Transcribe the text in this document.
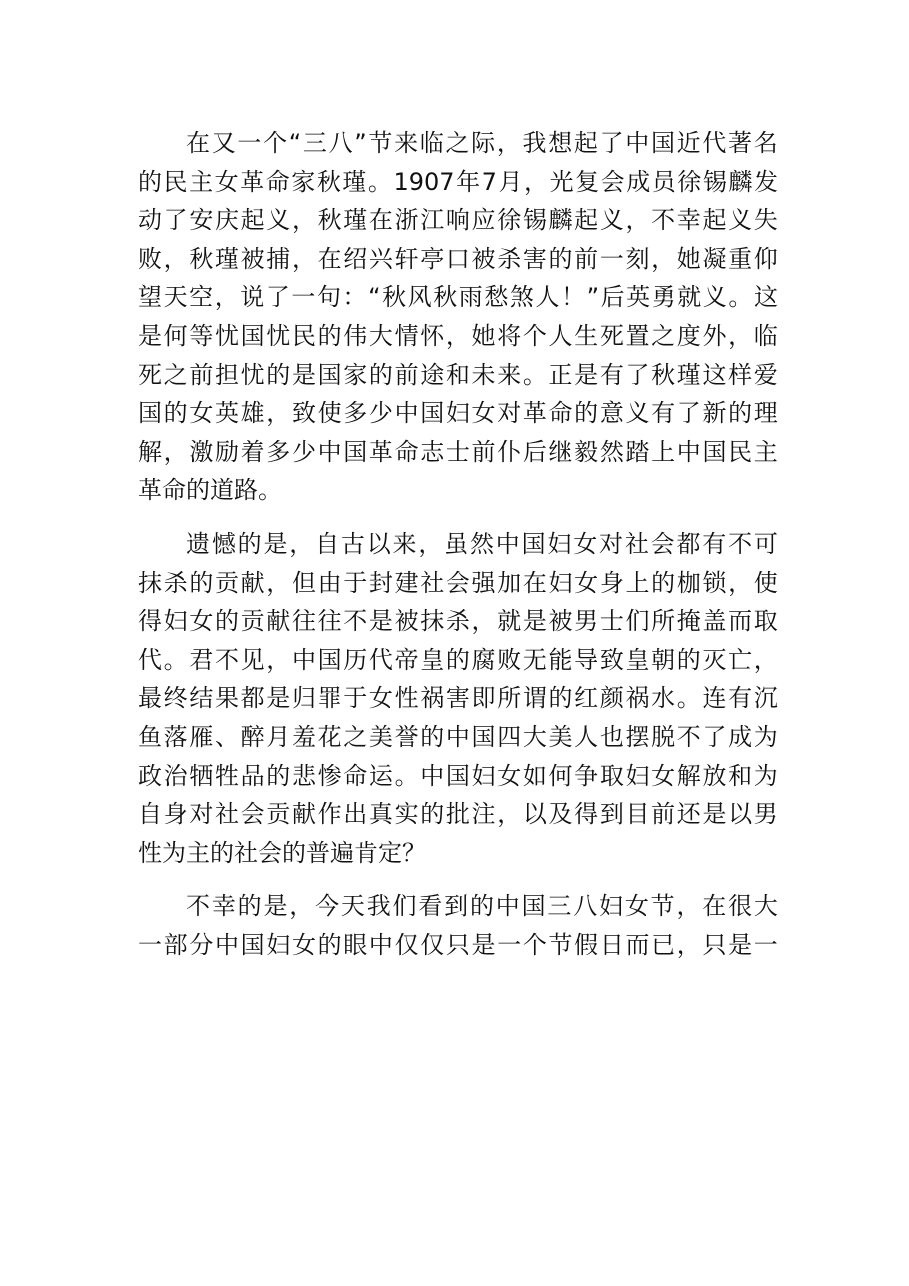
在 又 一 个 “ 三 八 ” 节 来 临 之 际 ， 我 想 起 了 中 国 近 代 著 名
的 民 主 女 革 命 家 秋 瑾 。 1907 年 7 月 ， 光 复 会 成 员 徐 锡 麟 发
动 了 安 庆 起 义 ， 秋 瑾 在 浙 江 响 应 徐 锡 麟 起 义 ， 不 幸 起 义 失
败 ， 秋 瑾 被 捕 ， 在 绍 兴 轩 亭 口 被 杀 害 的 前 一 刻 ， 她 凝 重 仰
望 天 空 ， 说 了 一 句 ： “ 秋 风 秋 雨 愁 煞 人 ！ ” 后 英 勇 就 义 。 这
是 何 等 忧 国 忧 民 的 伟 大 情 怀 ， 她 将 个 人 生 死 置 之 度 外 ， 临
死 之 前 担 忧 的 是 国 家 的 前 途 和 未 来 。 正 是 有 了 秋 瑾 这 样 爱
国 的 女 英 雄 ， 致 使 多 少 中 国 妇 女 对 革 命 的 意 义 有 了 新 的 理
解 ， 激 励 着 多 少 中 国 革 命 志 士 前 仆 后 继 毅 然 踏 上 中 国 民 主
革命的道路。
遗 憾 的 是 ， 自 古 以 来 ， 虽 然 中 国 妇 女 对 社 会 都 有 不 可
抹 杀 的 贡 献 ， 但 由 于 封 建 社 会 强 加 在 妇 女 身 上 的 枷 锁 ， 使
得 妇 女 的 贡 献 往 往 不 是 被 抹 杀 ， 就 是 被 男 士 们 所 掩 盖 而 取
代 。 君 不 见 ， 中 国 历 代 帝 皇 的 腐 败 无 能 导 致 皇 朝 的 灭 亡 ，
最 终 结 果 都 是 归 罪 于 女 性 祸 害 即 所 谓 的 红 颜 祸 水 。 连 有 沉
鱼 落 雁 、 醉 月 羞 花 之 美 誉 的 中 国 四 大 美 人 也 摆 脱 不 了 成 为
政 治 牺 牲 品 的 悲 惨 命 运 。 中 国 妇 女 如 何 争 取 妇 女 解 放 和 为
自 身 对 社 会 贡 献 作 出 真 实 的 批 注 ， 以 及 得 到 目 前 还 是 以 男
性为主的社会的普遍肯定？
不 幸 的 是 ， 今 天 我 们 看 到 的 中 国 三 八 妇 女 节 ， 在 很 大
一 部 分 中 国 妇 女 的 眼 中 仅 仅 只 是 一 个 节 假 日 而 已 ， 只 是 一
